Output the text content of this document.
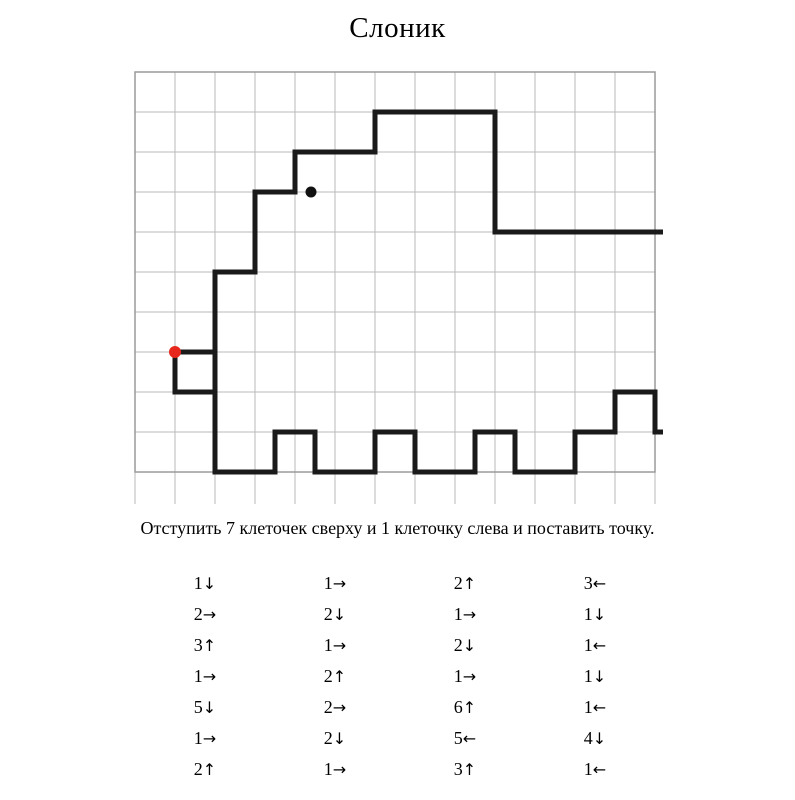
Слоник
Отступить 7 клеточек сверху и 1 клеточку слева и поставить точку.
1↓
2→
3↑
1→
5↓
1→
2↑
1→
2↓
1→
2↑
2→
2↓
1→
2↑
1→
2↓
1→
6↑
5←
3↑
3←
1↓
1←
1↓
1←
4↓
1←
